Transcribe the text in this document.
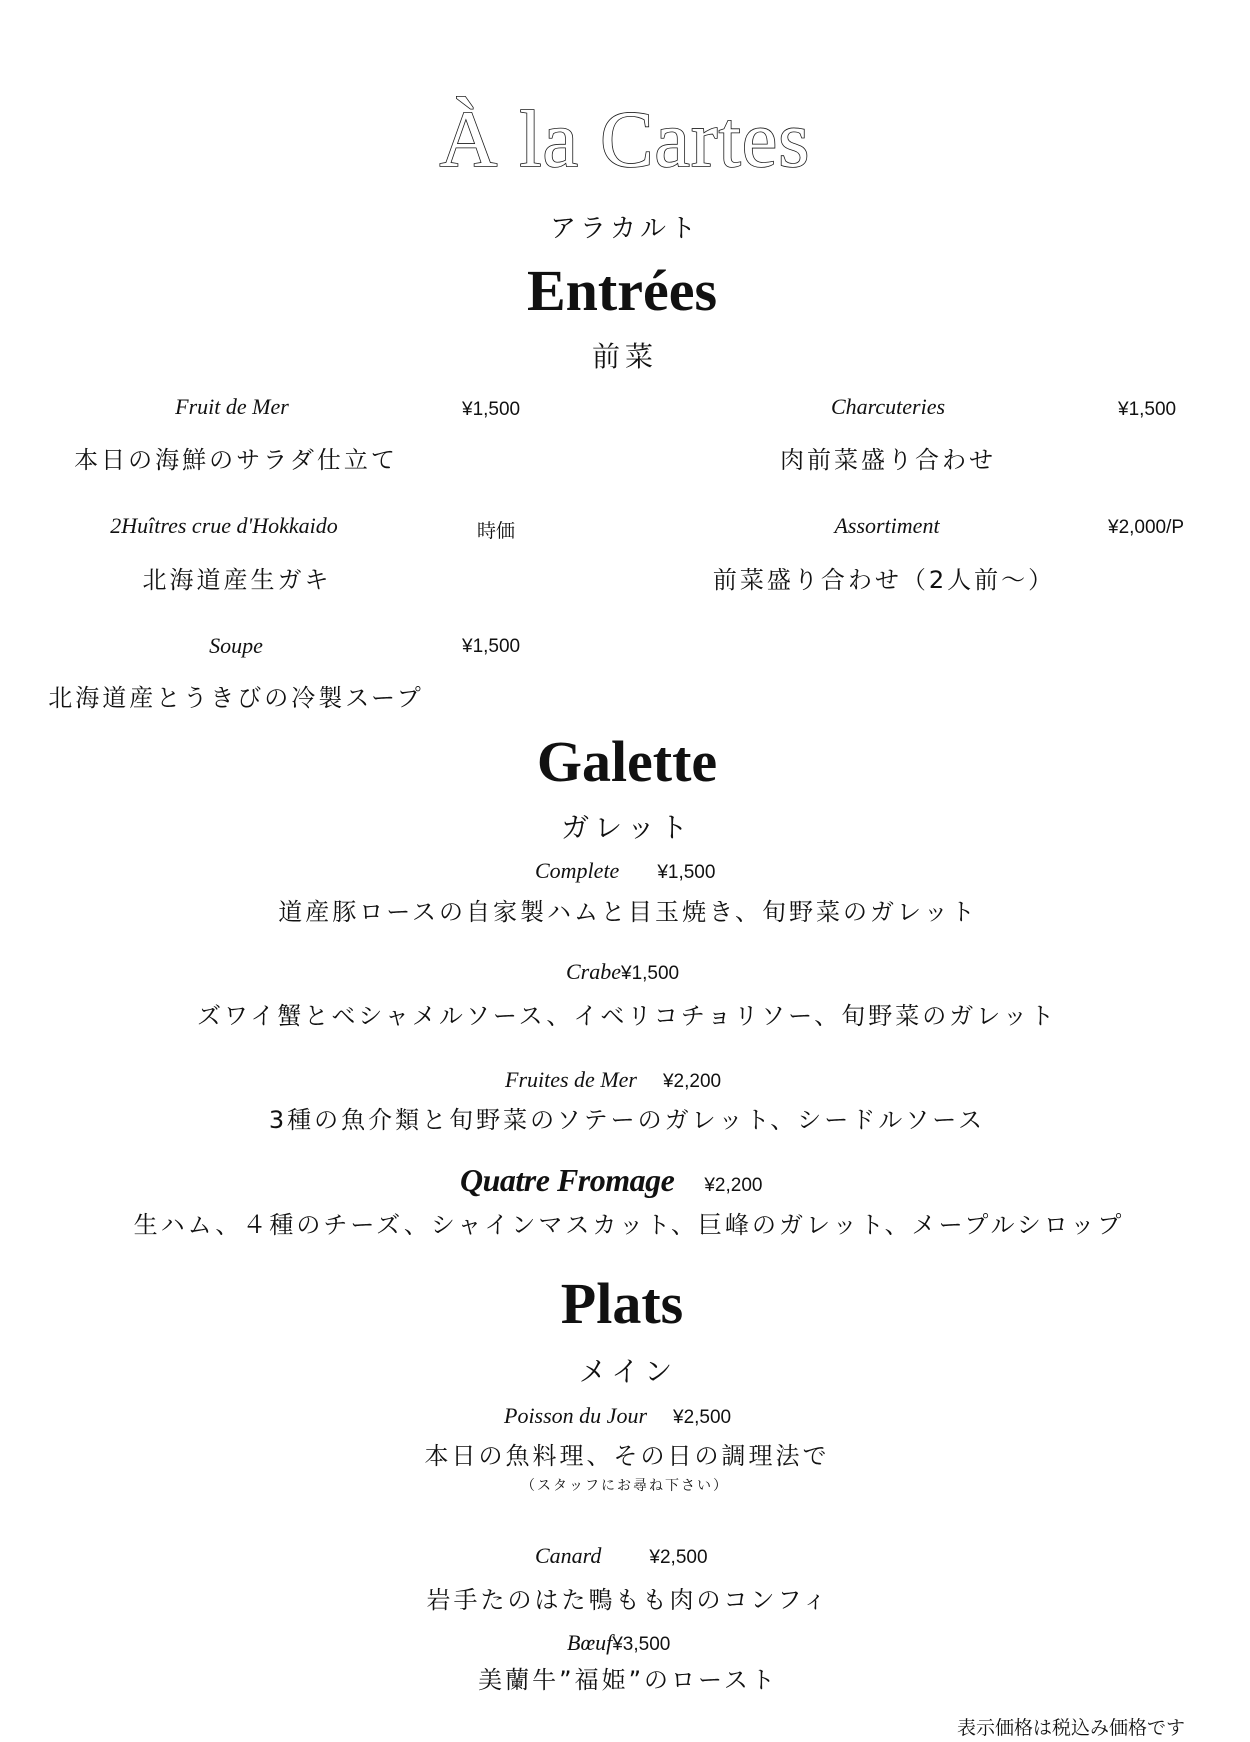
À la Cartes
アラカルト
Entrées
前菜
Fruit de Mer	¥1,500
本日の海鮮のサラダ仕立て
Charcuteries	¥1,500
肉前菜盛り合わせ
2Huîtres crue d'Hokkaido	時価
北海道産生ガキ
Assortiment	¥2,000/P
前菜盛り合わせ（2人前〜）
Soupe	¥1,500
北海道産とうきびの冷製スープ
Galette
ガレット
Complete ¥1,500
道産豚ロースの自家製ハムと目玉焼き、旬野菜のガレット
Crabe¥1,500
ズワイ蟹とベシャメルソース、イベリコチョリソー、旬野菜のガレット
Fruites de Mer ¥2,200
3種の魚介類と旬野菜のソテーのガレット、シードルソース
Quatre Fromage ¥2,200
生ハム、４種のチーズ、シャインマスカット、巨峰のガレット、メープルシロップ
Plats
メイン
Poisson du Jour ¥2,500
本日の魚料理、その日の調理法で
（スタッフにお尋ね下さい）
Canard	¥2,500
岩手たのはた鴨もも肉のコンフィ
Bœuf¥3,500
美蘭牛”福姫”のロースト
表示価格は税込み価格です
